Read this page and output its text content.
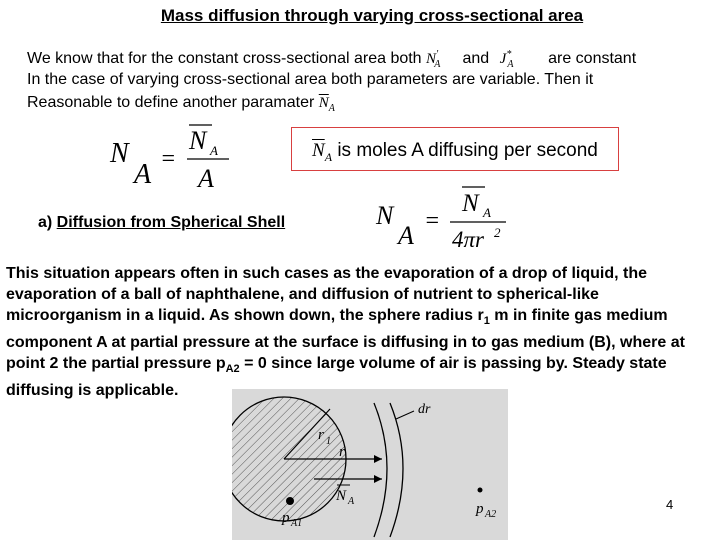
Mass diffusion through varying cross-sectional area
We know that for the constant cross-sectional area both $N'_A$ and $J^*_A$ are constant
In the case of varying cross-sectional area both parameters are variable. Then it
Reasonable to define another paramater $\overline{N}_A$
N
A =
N A
A
$\overline{N}_A$ is moles A diffusing per second
a) Diffusion from Spherical Shell	N
A =
N A
4πr 2
This situation appears often in such cases as the evaporation of a drop of liquid, the evaporation of a ball of naphthalene, and diffusion of nutrient to spherical-like microorganism in a liquid. As shown down, the sphere radius $r_1$ m in finite gas medium component A at partial pressure at the surface is diffusing in to gas medium (B), where at point 2 the partial pressure $p_{A2} = 0$ since large volume of air is passing by. Steady state diffusing is applicable.
dr
r
r 1
N A
p A1
p A2
4
